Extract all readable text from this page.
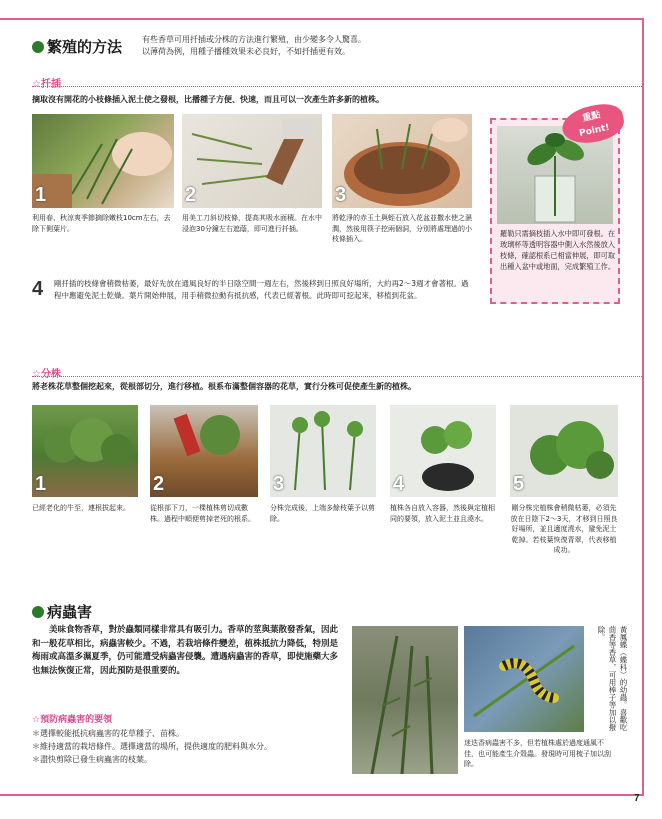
繁殖的方法 有些香草可用扦插或分株的方法進行繁殖，由少變多令人驚喜。
以薄荷為例，用種子播種效果未必良好，不如扦插更有效。
☆扦插
摘取沒有開花的小枝條插入泥土使之發根，比播種子方便、快速，而且可以一次產生許多新的植株。
1	2	3
利用春、秋涼爽季節摘除嫩枝10cm左右，去除下側葉片。
用美工刀斜切枝條，提高其吸水面積。在水中浸泡30分鐘左右遮蔭，即可進行扦插。
將乾淨的赤玉土與蛭石放入花盆並撒水使之濕潤，然後用筷子挖兩個洞，分別將處理過的小枝條插入。
重點
Point!
羅勒只需摘枝插入水中即可發根。在玻璃杯等透明容器中側入水然後放入枝條，確認根系已相當伸展，即可取出種入盆中或地面，完成繁殖工作。
4 剛扦插的枝條會稍微枯萎，最好先放在通風良好的半日陰空間一週左右，然後移到日照良好場所，大約再2～3週才會著根。過程中應避免泥土乾燥。葉片開始伸展，用手稍微拉動有抵抗感，代表已經著根。此時即可挖起來，移植到花盆。
☆分株
將老株花草整個挖起來，從根部切分，進行移植。根系布滿整個容器的花草，實行分株可促使產生新的植株。
1	2	3	4	5
已經老化的牛至，連根拔起來。	從根部下刀，一棵植株剪切成數株。過程中順便剪掉老死的根系。
分株完成後，上端多餘枝葉予以剪除。
植株各自放入容器，然後與定植相同的要領，放入泥土並且澆水。
剛分株完植株會稍微枯萎，必須先放在日陰下2～3天，才移到日照良好場所，並且適度澆水，避免泥土乾掉。若枝葉恢復青翠，代表移植成功。
病蟲害
美味食物香草，對於蟲類同樣非常具有吸引力。香草的莖與葉散發香氣，因此和一般花草相比，病蟲害較少。不過，若栽培條件變差，植株抵抗力降低，特別是梅雨或高溫多濕夏季，仍可能遭受病蟲害侵襲。遭遇病蟲害的香草，即使施藥大多也無法恢復正常，因此預防是很重要的。
☆預防病蟲害的要領
＊選擇較能抵抗病蟲害的花草種子、苗株。
＊維持適當的栽培條件。選擇適當的場所，提供適度的肥料與水分。
＊盡快剪除已發生病蟲害的枝葉。
黃鳳蝶（蝶科）的幼蟲。喜歡吃茴香等香草，可用棒子等加以撥除。
迷迭香病蟲害不多，但若植株處於過度通風不佳，也可能產生介殼蟲。發現時可用梳子加以刮除。
7
